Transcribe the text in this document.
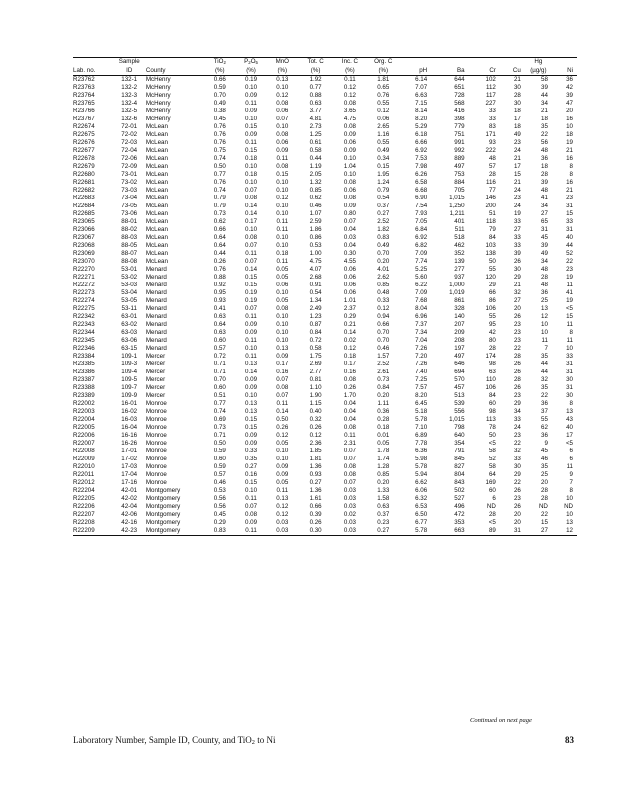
	Sample		TiO$_2$	$P_2O_5$	MnO	Tot. C	Inc. C	Org. C					Hg	
Lab. no.	ID	County	(%)	(%)	(%)	(%)	(%)	(%)	pH	Ba	Cr	Cu	(µg/g)	Ni
R23762	132-1	McHenry	0.66	0.19	0.13	1.92	0.11	1.81	6.14	644	102	21	58	36
R23763	132-2	McHenry	0.59	0.10	0.10	0.77	0.12	0.65	7.07	651	112	30	39	42
R23764	132-3	McHenry	0.70	0.09	0.12	0.88	0.12	0.76	6.63	728	117	28	44	39
R23765	132-4	McHenry	0.49	0.11	0.08	0.63	0.08	0.55	7.15	568	227	30	34	47
R23766	132-5	McHenry	0.38	0.09	0.06	3.77	3.65	0.12	8.14	416	33	18	21	20
R23767	132-6	McHenry	0.45	0.10	0.07	4.81	4.75	0.06	8.20	398	33	17	18	16
R22674	72-01	McLean	0.76	0.15	0.10	2.73	0.08	2.65	5.29	779	83	18	35	10
R22675	72-02	McLean	0.76	0.09	0.08	1.25	0.09	1.16	6.18	751	171	49	22	18
R22676	72-03	McLean	0.76	0.11	0.06	0.61	0.06	0.55	6.66	991	93	23	56	19
R22677	72-04	McLean	0.75	0.15	0.09	0.58	0.09	0.49	6.92	992	222	24	48	21
R22678	72-06	McLean	0.74	0.18	0.11	0.44	0.10	0.34	7.53	889	48	21	36	16
R22679	72-09	McLean	0.50	0.10	0.08	1.19	1.04	0.15	7.98	497	57	17	18	8
R22680	73-01	McLean	0.77	0.18	0.15	2.05	0.10	1.95	6.26	753	28	15	28	8
R22681	73-02	McLean	0.76	0.10	0.10	1.32	0.08	1.24	6.58	884	116	21	39	16
R22682	73-03	McLean	0.74	0.07	0.10	0.85	0.06	0.79	6.68	705	77	24	48	21
R22683	73-04	McLean	0.79	0.08	0.12	0.62	0.08	0.54	6.90	1,015	146	23	41	23
R22684	73-05	McLean	0.79	0.14	0.10	0.46	0.09	0.37	7.54	1,250	200	24	34	31
R22685	73-06	McLean	0.73	0.14	0.10	1.07	0.80	0.27	7.93	1,211	51	19	27	15
R23065	88-01	McLean	0.62	0.17	0.11	2.59	0.07	2.52	7.05	401	118	33	65	33
R23066	88-02	McLean	0.66	0.10	0.11	1.86	0.04	1.82	6.84	511	79	27	31	31
R23067	88-03	McLean	0.64	0.08	0.10	0.86	0.03	0.83	6.92	518	84	33	45	40
R23068	88-05	McLean	0.64	0.07	0.10	0.53	0.04	0.49	6.82	462	103	33	39	44
R23069	88-07	McLean	0.44	0.11	0.18	1.00	0.30	0.70	7.09	352	138	39	49	52
R23070	88-08	McLean	0.26	0.07	0.11	4.75	4.55	0.20	7.74	139	50	26	34	22
R22270	53-01	Menard	0.76	0.14	0.05	4.07	0.06	4.01	5.25	277	55	30	48	23
R22271	53-02	Menard	0.88	0.15	0.05	2.68	0.06	2.62	5.60	937	120	29	28	19
R22272	53-03	Menard	0.92	0.15	0.06	0.91	0.06	0.85	6.22	1,000	29	21	48	11
R22273	53-04	Menard	0.95	0.19	0.10	0.54	0.06	0.48	7.09	1,019	66	32	36	41
R22274	53-05	Menard	0.93	0.19	0.05	1.34	1.01	0.33	7.68	861	86	27	25	19
R22275	53-11	Menard	0.41	0.07	0.08	2.49	2.37	0.12	8.04	328	106	20	13	<5
R22342	63-01	Menard	0.63	0.11	0.10	1.23	0.29	0.94	6.96	140	55	26	12	15
R22343	63-02	Menard	0.64	0.09	0.10	0.87	0.21	0.66	7.37	207	95	23	10	11
R22344	63-03	Menard	0.63	0.09	0.10	0.84	0.14	0.70	7.34	209	42	23	10	8
R22345	63-06	Menard	0.60	0.11	0.10	0.72	0.02	0.70	7.04	208	80	23	11	11
R22346	63-15	Menard	0.57	0.10	0.13	0.58	0.12	0.46	7.26	197	28	22	7	10
R23384	109-1	Mercer	0.72	0.11	0.09	1.75	0.18	1.57	7.20	497	174	28	35	33
R23385	109-3	Mercer	0.71	0.13	0.17	2.69	0.17	2.52	7.26	646	98	26	44	31
R23386	109-4	Mercer	0.71	0.14	0.16	2.77	0.16	2.61	7.40	694	63	26	44	31
R23387	109-5	Mercer	0.70	0.09	0.07	0.81	0.08	0.73	7.25	570	110	28	32	30
R23388	109-7	Mercer	0.60	0.09	0.08	1.10	0.26	0.84	7.57	457	106	26	35	31
R23389	109-9	Mercer	0.51	0.10	0.07	1.90	1.70	0.20	8.20	513	84	23	22	30
R22002	16-01	Monroe	0.77	0.13	0.11	1.15	0.04	1.11	6.45	539	60	29	36	8
R22003	16-02	Monroe	0.74	0.13	0.14	0.40	0.04	0.36	5.18	556	98	34	37	13
R22004	16-03	Monroe	0.69	0.15	0.50	0.32	0.04	0.28	5.78	1,015	113	33	55	43
R22005	16-04	Monroe	0.73	0.15	0.26	0.26	0.08	0.18	7.10	798	78	24	62	40
R22006	16-16	Monroe	0.71	0.09	0.12	0.12	0.11	0.01	6.89	640	50	23	36	17
R22007	16-26	Monroe	0.50	0.09	0.05	2.36	2.31	0.05	7.78	354	<5	22	9	<5
R22008	17-01	Monroe	0.59	0.33	0.10	1.85	0.07	1.78	6.36	791	58	32	45	6
R22009	17-02	Monroe	0.60	0.35	0.10	1.81	0.07	1.74	5.98	845	52	33	46	6
R22010	17-03	Monroe	0.59	0.27	0.09	1.36	0.08	1.28	5.78	827	58	30	35	11
R22011	17-04	Monroe	0.57	0.16	0.09	0.93	0.08	0.85	5.94	804	64	29	25	9
R22012	17-16	Monroe	0.46	0.15	0.05	0.27	0.07	0.20	6.62	843	169	22	20	7
R22204	42-01	Montgomery	0.53	0.10	0.11	1.36	0.03	1.33	6.06	502	60	26	28	8
R22205	42-02	Montgomery	0.56	0.11	0.13	1.61	0.03	1.58	6.32	527	6	23	28	10
R22206	42-04	Montgomery	0.56	0.07	0.12	0.66	0.03	0.63	6.53	496	ND	26	ND	ND
R22207	42-06	Montgomery	0.45	0.08	0.12	0.39	0.02	0.37	6.50	472	28	20	22	10
R22208	42-16	Montgomery	0.29	0.09	0.03	0.26	0.03	0.23	6.77	353	<5	20	15	13
R22209	42-23	Montgomery	0.83	0.11	0.03	0.30	0.03	0.27	5.78	663	89	31	27	12
Continued on next page
Laboratory Number, Sample ID, County, and TiO$_2$ to Ni	83
